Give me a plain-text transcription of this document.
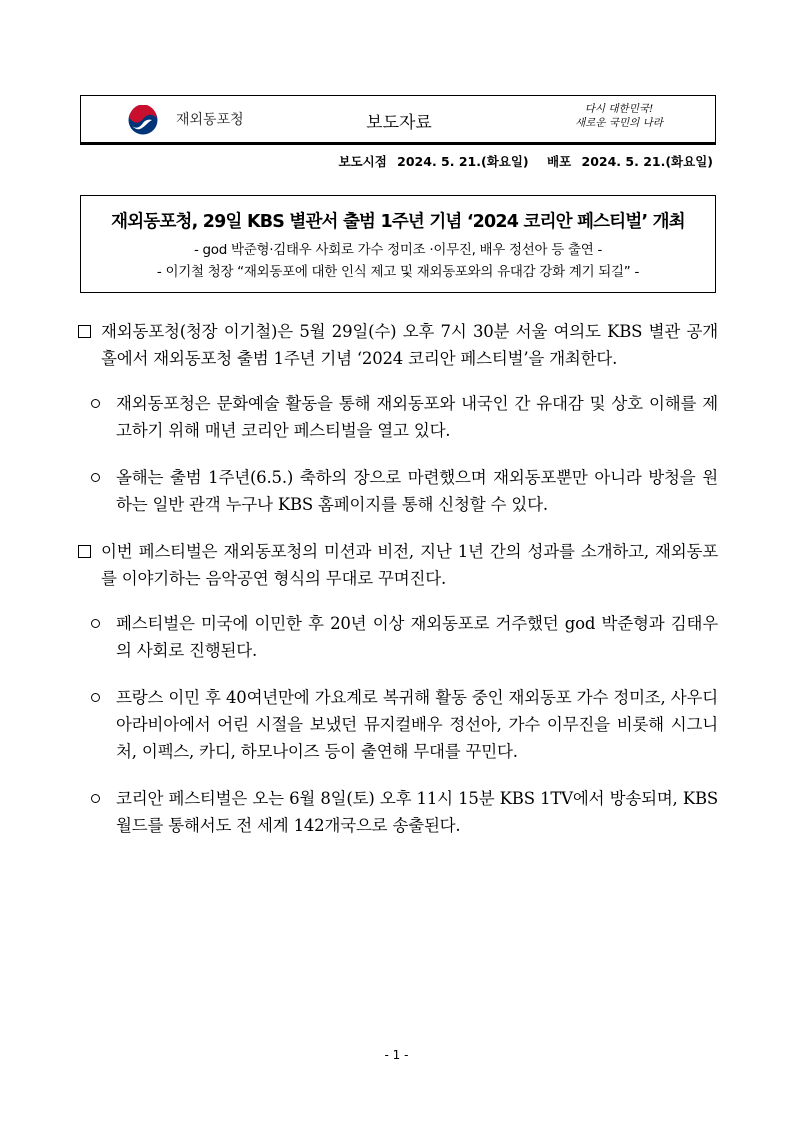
재외동포청	보도자료
다시 대한민국!
새로운 국민의 나라
보도시점 2024. 5. 21.(화요일) 배포 2024. 5. 21.(화요일)
재외동포청, 29일 KBS 별관서 출범 1주년 기념 ‘2024 코리안 페스티벌’ 개최
- god 박준형·김태우 사회로 가수 정미조 ·이무진, 배우 정선아 등 출연 -
- 이기철 청장 “재외동포에 대한 인식 제고 및 재외동포와의 유대감 강화 계기 되길” -
재외동포청(청장 이기철)은 5월 29일(수) 오후 7시 30분 서울 여의도 KBS 별관 공개홀에서 재외동포청 출범 1주년 기념 ‘2024 코리안 페스티벌’을 개최한다.
재외동포청은 문화예술 활동을 통해 재외동포와 내국인 간 유대감 및 상호 이해를 제고하기 위해 매년 코리안 페스티벌을 열고 있다.
올해는 출범 1주년(6.5.) 축하의 장으로 마련했으며 재외동포뿐만 아니라 방청을 원하는 일반 관객 누구나 KBS 홈페이지를 통해 신청할 수 있다.
이번 페스티벌은 재외동포청의 미션과 비전, 지난 1년 간의 성과를 소개하고, 재외동포를 이야기하는 음악공연 형식의 무대로 꾸며진다.
페스티벌은 미국에 이민한 후 20년 이상 재외동포로 거주했던 god 박준형과 김태우의 사회로 진행된다.
프랑스 이민 후 40여년만에 가요계로 복귀해 활동 중인 재외동포 가수 정미조, 사우디아라비아에서 어린 시절을 보냈던 뮤지컬배우 정선아, 가수 이무진을 비롯해 시그니처, 이펙스, 카디, 하모나이즈 등이 출연해 무대를 꾸민다.
코리안 페스티벌은 오는 6월 8일(토) 오후 11시 15분 KBS 1TV에서 방송되며, KBS 월드를 통해서도 전 세계 142개국으로 송출된다.
- 1 -
